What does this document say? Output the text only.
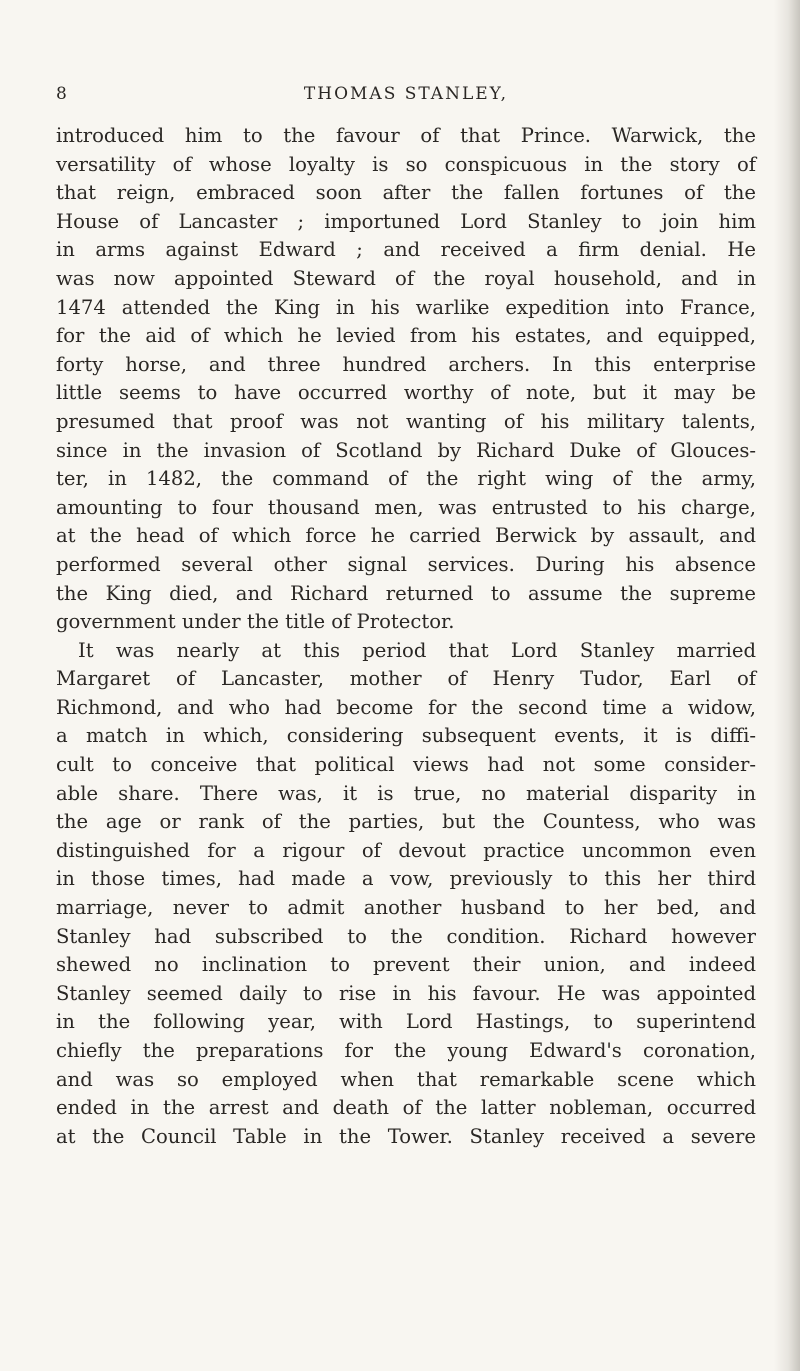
8	THOMAS STANLEY,
introduced him to the favour of that Prince. Warwick, the
versatility of whose loyalty is so conspicuous in the story of
that reign, embraced soon after the fallen fortunes of the
House of Lancaster ; importuned Lord Stanley to join him
in arms against Edward ; and received a firm denial. He
was now appointed Steward of the royal household, and in
1474 attended the King in his warlike expedition into France,
for the aid of which he levied from his estates, and equipped,
forty horse, and three hundred archers. In this enterprise
little seems to have occurred worthy of note, but it may be
presumed that proof was not wanting of his military talents,
since in the invasion of Scotland by Richard Duke of Glouces-
ter, in 1482, the command of the right wing of the army,
amounting to four thousand men, was entrusted to his charge,
at the head of which force he carried Berwick by assault, and
performed several other signal services. During his absence
the King died, and Richard returned to assume the supreme
government under the title of Protector.
It was nearly at this period that Lord Stanley married
Margaret of Lancaster, mother of Henry Tudor, Earl of
Richmond, and who had become for the second time a widow,
a match in which, considering subsequent events, it is diffi-
cult to conceive that political views had not some consider-
able share. There was, it is true, no material disparity in
the age or rank of the parties, but the Countess, who was
distinguished for a rigour of devout practice uncommon even
in those times, had made a vow, previously to this her third
marriage, never to admit another husband to her bed, and
Stanley had subscribed to the condition. Richard however
shewed no inclination to prevent their union, and indeed
Stanley seemed daily to rise in his favour. He was appointed
in the following year, with Lord Hastings, to superintend
chiefly the preparations for the young Edward's coronation,
and was so employed when that remarkable scene which
ended in the arrest and death of the latter nobleman, occurred
at the Council Table in the Tower. Stanley received a severe
